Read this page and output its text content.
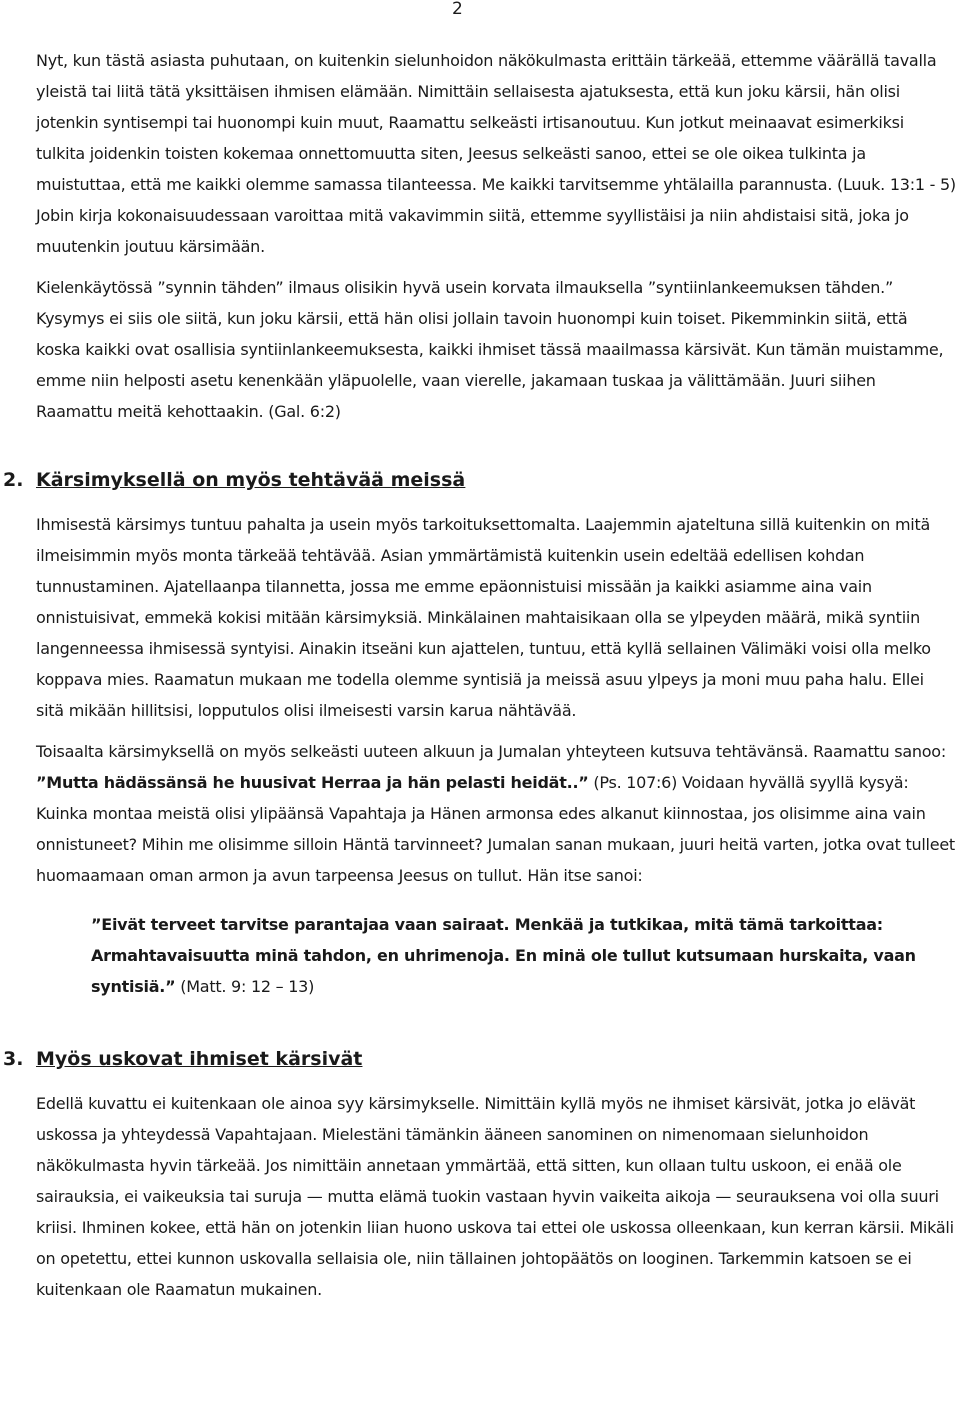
2

Nyt, kun tästä asiasta puhutaan, on kuitenkin sielunhoidon näkökulmasta erittäin tärkeää, ettemme väärällä tavalla yleistä tai liitä tätä yksittäisen ihmisen elämään. Nimittäin sellaisesta ajatuksesta, että kun joku kärsii, hän olisi jotenkin syntisempi tai huonompi kuin muut, Raamattu selkeästi irtisanoutuu. Kun jotkut meinaavat esimerkiksi tulkita joidenkin toisten kokemaa onnettomuutta siten, Jeesus selkeästi sanoo, ettei se ole oikea tulkinta ja muistuttaa, että me kaikki olemme samassa tilanteessa. Me kaikki tarvitsemme yhtälailla parannusta. (Luuk. 13:1 - 5) Jobin kirja kokonaisuudessaan varoittaa mitä vakavimmin siitä, ettemme syyllistäisi ja niin ahdistaisi sitä, joka jo muutenkin joutuu kärsimään.

Kielenkäytössä ”synnin tähden” ilmaus olisikin hyvä usein korvata ilmauksella ”syntiinlankeemuksen tähden.” Kysymys ei siis ole siitä, kun joku kärsii, että hän olisi jollain tavoin huonompi kuin toiset. Pikemminkin siitä, että koska kaikki ovat osallisia syntiinlankeemuksesta, kaikki ihmiset tässä maailmassa kärsivät. Kun tämän muistamme, emme niin helposti asetu kenenkään yläpuolelle, vaan vierelle, jakamaan tuskaa ja välittämään. Juuri siihen Raamattu meitä kehottaakin. (Gal. 6:2)

2. Kärsimyksellä on myös tehtävää meissä

Ihmisestä kärsimys tuntuu pahalta ja usein myös tarkoituksettomalta. Laajemmin ajateltuna sillä kuitenkin on mitä ilmeisimmin myös monta tärkeää tehtävää. Asian ymmärtämistä kuitenkin usein edeltää edellisen kohdan tunnustaminen. Ajatellaanpa tilannetta, jossa me emme epäonnistuisi missään ja kaikki asiamme aina vain onnistuisivat, emmekä kokisi mitään kärsimyksiä. Minkälainen mahtaisikaan olla se ylpeyden määrä, mikä syntiin langenneessa ihmisessä syntyisi. Ainakin itseäni kun ajattelen, tuntuu, että kyllä sellainen Välimäki voisi olla melko koppava mies. Raamatun mukaan me todella olemme syntisiä ja meissä asuu ylpeys ja moni muu paha halu. Ellei sitä mikään hillitsisi, lopputulos olisi ilmeisesti varsin karua nähtävää.

Toisaalta kärsimyksellä on myös selkeästi uuteen alkuun ja Jumalan yhteyteen kutsuva tehtävänsä. Raamattu sanoo: ”Mutta hädässänsä he huusivat Herraa ja hän pelasti heidät..” (Ps. 107:6) Voidaan hyvällä syyllä kysyä: Kuinka montaa meistä olisi ylipäänsä Vapahtaja ja Hänen armonsa edes alkanut kiinnostaa, jos olisimme aina vain onnistuneet? Mihin me olisimme silloin Häntä tarvinneet? Jumalan sanan mukaan, juuri heitä varten, jotka ovat tulleet huomaamaan oman armon ja avun tarpeensa Jeesus on tullut. Hän itse sanoi:

”Eivät terveet tarvitse parantajaa vaan sairaat. Menkää ja tutkikaa, mitä tämä tarkoittaa: Armahtavaisuutta minä tahdon, en uhrimenoja. En minä ole tullut kutsumaan hurskaita, vaan syntisiä.” (Matt. 9: 12 – 13)

3. Myös uskovat ihmiset kärsivät

Edellä kuvattu ei kuitenkaan ole ainoa syy kärsimykselle. Nimittäin kyllä myös ne ihmiset kärsivät, jotka jo elävät uskossa ja yhteydessä Vapahtajaan. Mielestäni tämänkin ääneen sanominen on nimenomaan sielunhoidon näkökulmasta hyvin tärkeää. Jos nimittäin annetaan ymmärtää, että sitten, kun ollaan tultu uskoon, ei enää ole sairauksia, ei vaikeuksia tai suruja — mutta elämä tuokin vastaan hyvin vaikeita aikoja — seurauksena voi olla suuri kriisi. Ihminen kokee, että hän on jotenkin liian huono uskova tai ettei ole uskossa olleenkaan, kun kerran kärsii. Mikäli on opetettu, ettei kunnon uskovalla sellaisia ole, niin tällainen johtopäätös on looginen. Tarkemmin katsoen se ei kuitenkaan ole Raamatun mukainen.
